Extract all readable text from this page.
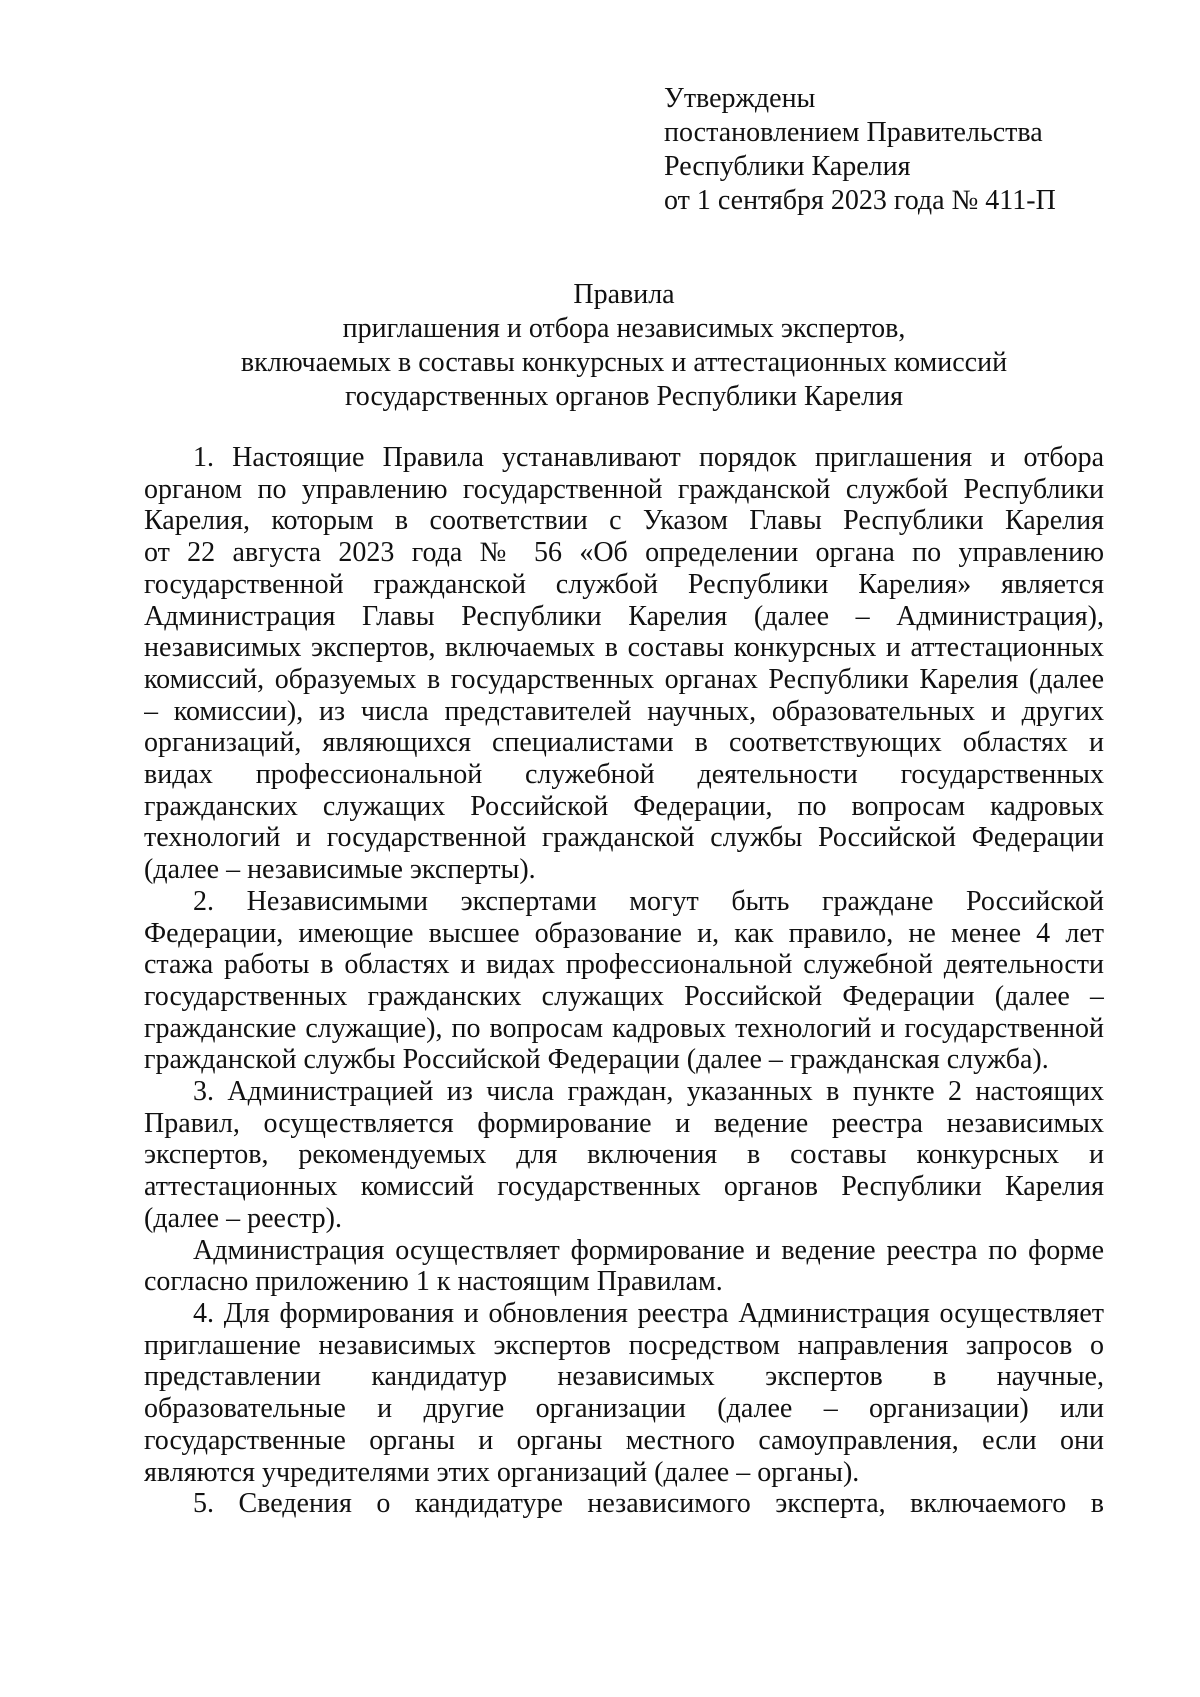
Утверждены
постановлением Правительства
Республики Карелия
от 1 сентября 2023 года № 411-П
Правила
приглашения и отбора независимых экспертов,
включаемых в составы конкурсных и аттестационных комиссий
государственных органов Республики Карелия
1. Настоящие Правила устанавливают порядок приглашения и отбора
органом по управлению государственной гражданской службой Республики
Карелия, которым в соответствии с Указом Главы Республики Карелия
от 22 августа 2023 года № 56 «Об определении органа по управлению
государственной гражданской службой Республики Карелия» является
Администрация Главы Республики Карелия (далее – Администрация),
независимых экспертов, включаемых в составы конкурсных и аттестационных
комиссий, образуемых в государственных органах Республики Карелия (далее
– комиссии), из числа представителей научных, образовательных и других
организаций, являющихся специалистами в соответствующих областях и
видах профессиональной служебной деятельности государственных
гражданских служащих Российской Федерации, по вопросам кадровых
технологий и государственной гражданской службы Российской Федерации
(далее – независимые эксперты).
2. Независимыми экспертами могут быть граждане Российской
Федерации, имеющие высшее образование и, как правило, не менее 4 лет
стажа работы в областях и видах профессиональной служебной деятельности
государственных гражданских служащих Российской Федерации (далее –
гражданские служащие), по вопросам кадровых технологий и государственной
гражданской службы Российской Федерации (далее – гражданская служба).
3. Администрацией из числа граждан, указанных в пункте 2 настоящих
Правил, осуществляется формирование и ведение реестра независимых
экспертов, рекомендуемых для включения в составы конкурсных и
аттестационных комиссий государственных органов Республики Карелия
(далее – реестр).
Администрация осуществляет формирование и ведение реестра по форме
согласно приложению 1 к настоящим Правилам.
4. Для формирования и обновления реестра Администрация осуществляет
приглашение независимых экспертов посредством направления запросов о
представлении кандидатур независимых экспертов в научные,
образовательные и другие организации (далее – организации) или
государственные органы и органы местного самоуправления, если они
являются учредителями этих организаций (далее – органы).
5. Сведения о кандидатуре независимого эксперта, включаемого в
